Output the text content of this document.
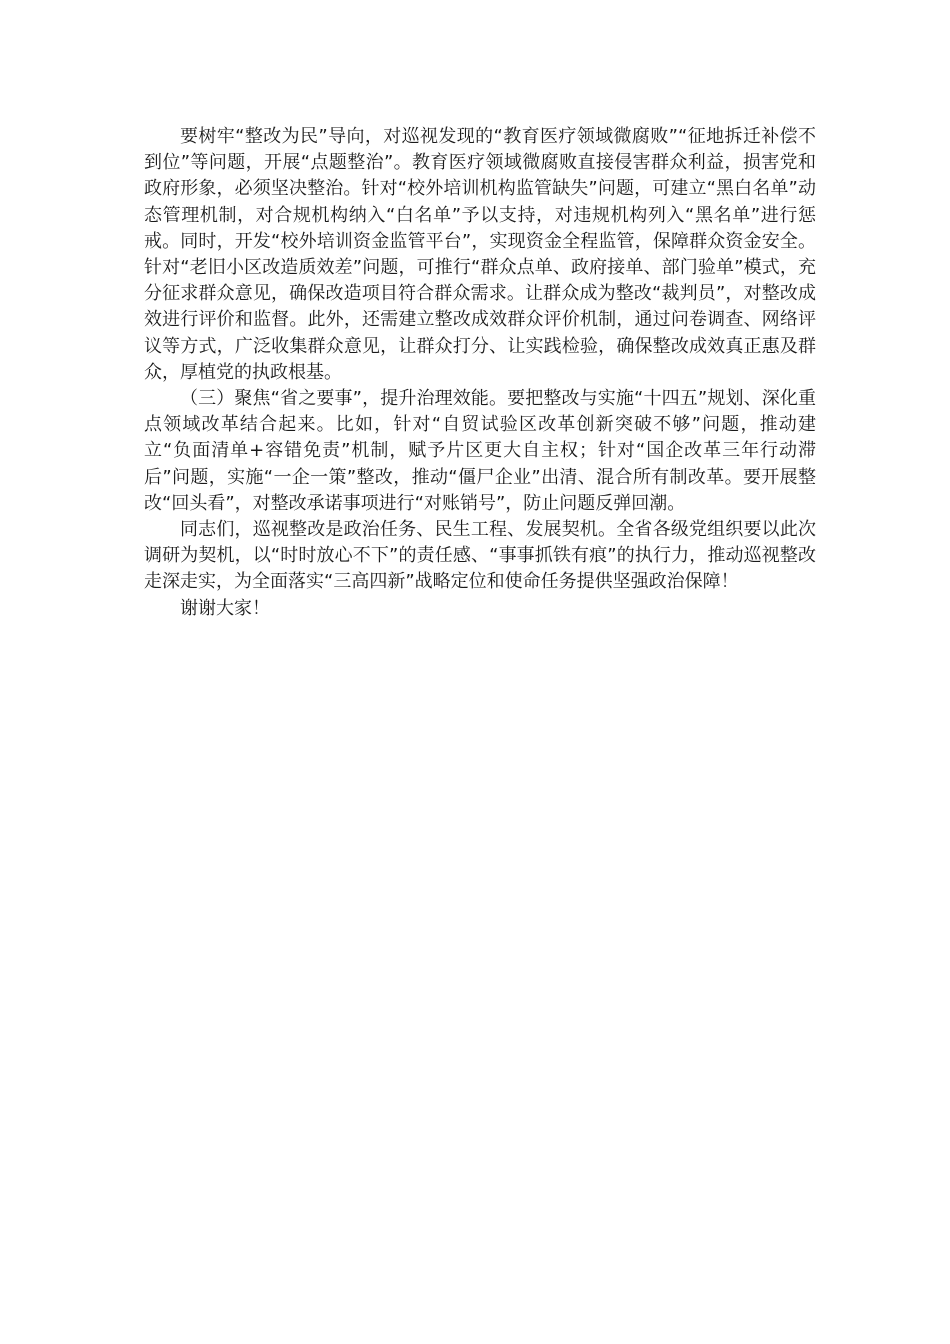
要树牢“整改为民”导向，对巡视发现的“教育医疗领域微腐败”“征地拆迁补偿不到位”等问题，开展“点题整治”。教育医疗领域微腐败直接侵害群众利益，损害党和政府形象，必须坚决整治。针对“校外培训机构监管缺失”问题，可建立“黑白名单”动态管理机制，对合规机构纳入“白名单”予以支持，对违规机构列入“黑名单”进行惩戒。同时，开发“校外培训资金监管平台”，实现资金全程监管，保障群众资金安全。针对“老旧小区改造质效差”问题，可推行“群众点单、政府接单、部门验单”模式，充分征求群众意见，确保改造项目符合群众需求。让群众成为整改“裁判员”，对整改成效进行评价和监督。此外，还需建立整改成效群众评价机制，通过问卷调查、网络评议等方式，广泛收集群众意见，让群众打分、让实践检验，确保整改成效真正惠及群众，厚植党的执政根基。

（三）聚焦“省之要事”，提升治理效能。要把整改与实施“十四五”规划、深化重点领域改革结合起来。比如，针对“自贸试验区改革创新突破不够”问题，推动建立“负面清单+容错免责”机制，赋予片区更大自主权；针对“国企改革三年行动滞后”问题，实施“一企一策”整改，推动“僵尸企业”出清、混合所有制改革。要开展整改“回头看”，对整改承诺事项进行“对账销号”，防止问题反弹回潮。

同志们，巡视整改是政治任务、民生工程、发展契机。全省各级党组织要以此次调研为契机，以“时时放心不下”的责任感、“事事抓铁有痕”的执行力，推动巡视整改走深走实，为全面落实“三高四新”战略定位和使命任务提供坚强政治保障！

谢谢大家！
